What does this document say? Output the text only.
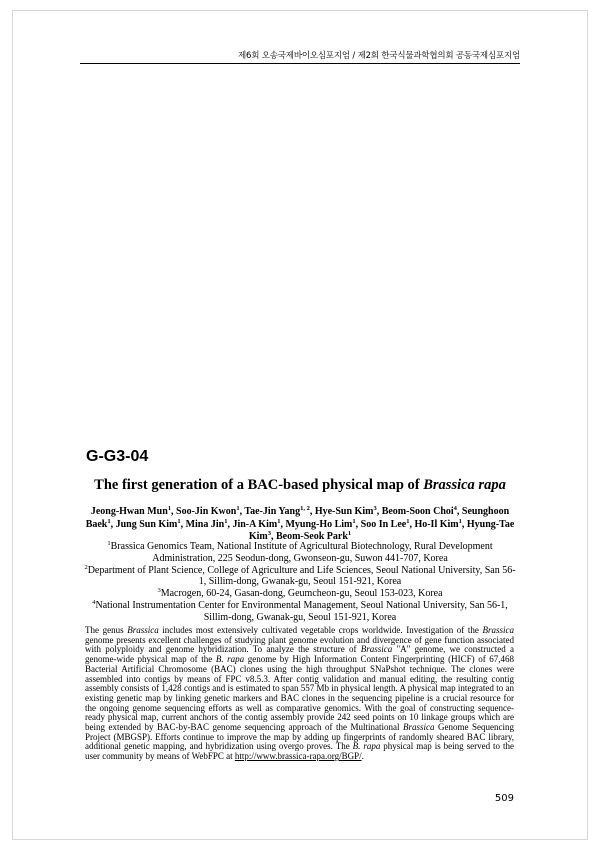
제6회 오송국제바이오심포지엄 / 제2회 한국식물과학협의회 공동국제심포지엄
G-G3-04
The first generation of a BAC-based physical map of Brassica rapa
Jeong-Hwan Mun$^1$, Soo-Jin Kwon$^1$, Tae-Jin Yang$^{1, 2}$, Hye-Sun Kim$^3$, Beom-Soon Choi$^4$, Seunghoon Baek$^1$, Jung Sun Kim$^1$, Mina Jin$^1$, Jin-A Kim$^1$, Myung-Ho Lim$^1$, Soo In Lee$^1$, Ho-Il Kim$^1$, Hyung-Tae Kim$^3$, Beom-Seok Park$^1$
$^1$Brassica Genomics Team, National Institute of Agricultural Biotechnology, Rural Development Administration, 225 Seodun-dong, Gwonseon-gu, Suwon 441-707, Korea
$^2$Department of Plant Science, College of Agriculture and Life Sciences, Seoul National University, San 56-1, Sillim-dong, Gwanak-gu, Seoul 151-921, Korea
$^3$Macrogen, 60-24, Gasan-dong, Geumcheon-gu, Seoul 153-023, Korea
$^4$National Instrumentation Center for Environmental Management, Seoul National University, San 56-1, Sillim-dong, Gwanak-gu, Seoul 151-921, Korea
The genus Brassica includes most extensively cultivated vegetable crops worldwide. Investigation of the Brassica genome presents excellent challenges of studying plant genome evolution and divergence of gene function associated with polyploidy and genome hybridization. To analyze the structure of Brassica "A" genome, we constructed a genome-wide physical map of the B. rapa genome by High Information Content Fingerprinting (HICF) of 67,468 Bacterial Artificial Chromosome (BAC) clones using the high throughput SNaPshot technique. The clones were assembled into contigs by means of FPC v8.5.3. After contig validation and manual editing, the resulting contig assembly consists of 1,428 contigs and is estimated to span 557 Mb in physical length. A physical map integrated to an existing genetic map by linking genetic markers and BAC clones in the sequencing pipeline is a crucial resource for the ongoing genome sequencing efforts as well as comparative genomics. With the goal of constructing sequence-ready physical map, current anchors of the contig assembly provide 242 seed points on 10 linkage groups which are being extended by BAC-by-BAC genome sequencing approach of the Multinational Brassica Genome Sequencing Project (MBGSP). Efforts continue to improve the map by adding up fingerprints of randomly sheared BAC library, additional genetic mapping, and hybridization using overgo proves. The B. rapa physical map is being served to the user community by means of WebFPC at http://www.brassica-rapa.org/BGP/.
509
